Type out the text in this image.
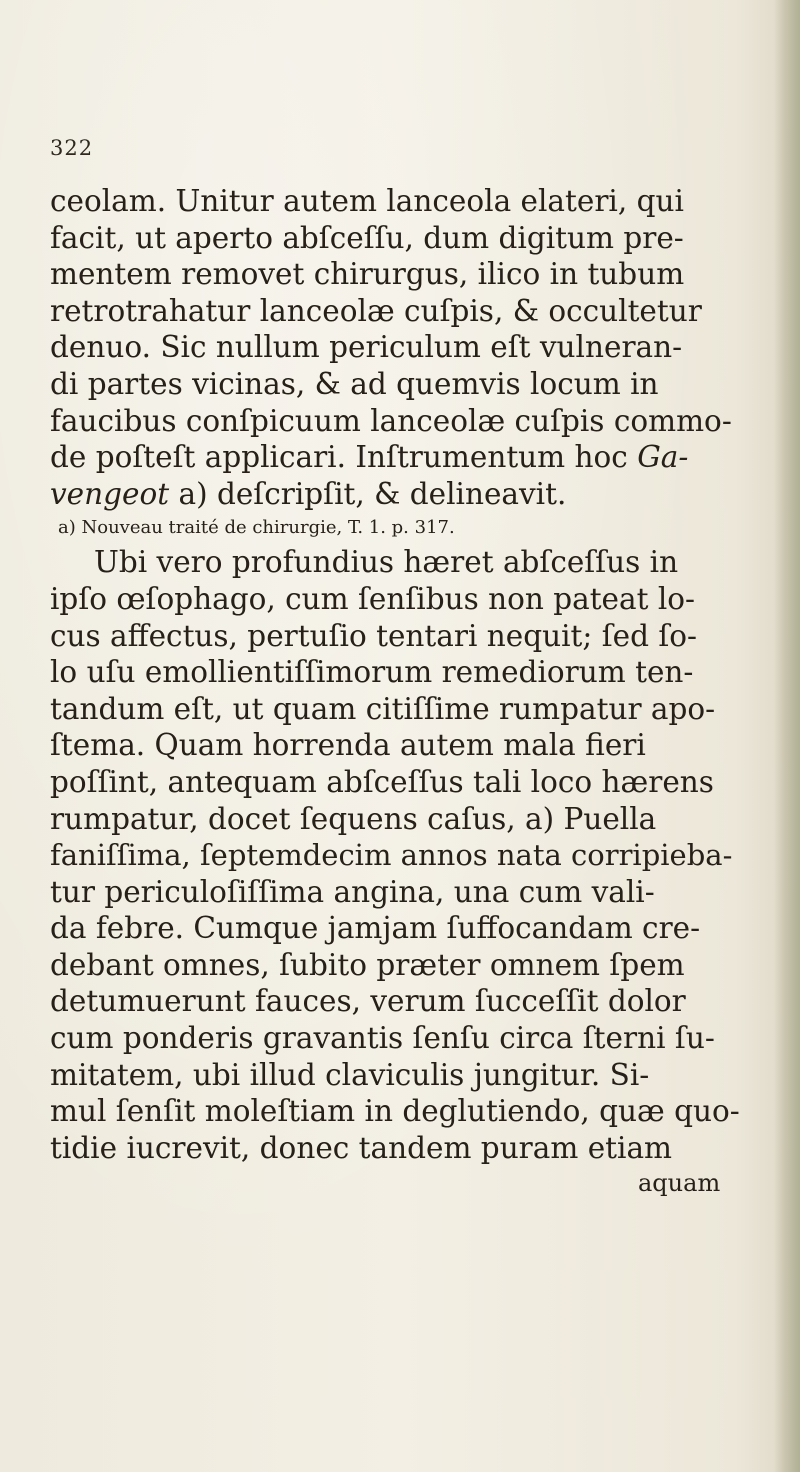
322
ceolam. Unitur autem lanceola elateri, qui
facit, ut aperto abſceſſu, dum digitum pre-
mentem removet chirurgus, ilico in tubum
retrotrahatur lanceolæ cuſpis, & occultetur
denuo. Sic nullum periculum eſt vulneran-
di partes vicinas, & ad quemvis locum in
faucibus conſpicuum lanceolæ cuſpis commo-
de poſteſt applicari. Inſtrumentum hoc
Ga-
vengeot
a) deſcripſit, & delineavit.
a) Nouveau traité de chirurgie, T. 1. p. 317.
Ubi vero profundius hæret abſceſſus in
ipſo œſophago, cum ſenſibus non pateat lo-
cus affectus, pertuſio tentari nequit; ſed ſo-
lo uſu emollientiſſimorum remediorum ten-
tandum eſt, ut quam citiſſime rumpatur apo-
ſtema. Quam horrenda autem mala fieri
poſſint, antequam abſceſſus tali loco hærens
rumpatur, docet ſequens caſus, a) Puella
faniſſima, ſeptemdecim annos nata corripieba-
tur periculoſiſſima angina, una cum vali-
da febre. Cumque jamjam ſuffocandam cre-
debant omnes, ſubito præter omnem ſpem
detumuerunt fauces, verum ſucceſſit dolor
cum ponderis gravantis ſenſu circa ſterni ſu-
mitatem, ubi illud claviculis jungitur. Si-
mul ſenſit moleſtiam in deglutiendo, quæ quo-
tidie iucrevit, donec tandem puram etiam
aquam
